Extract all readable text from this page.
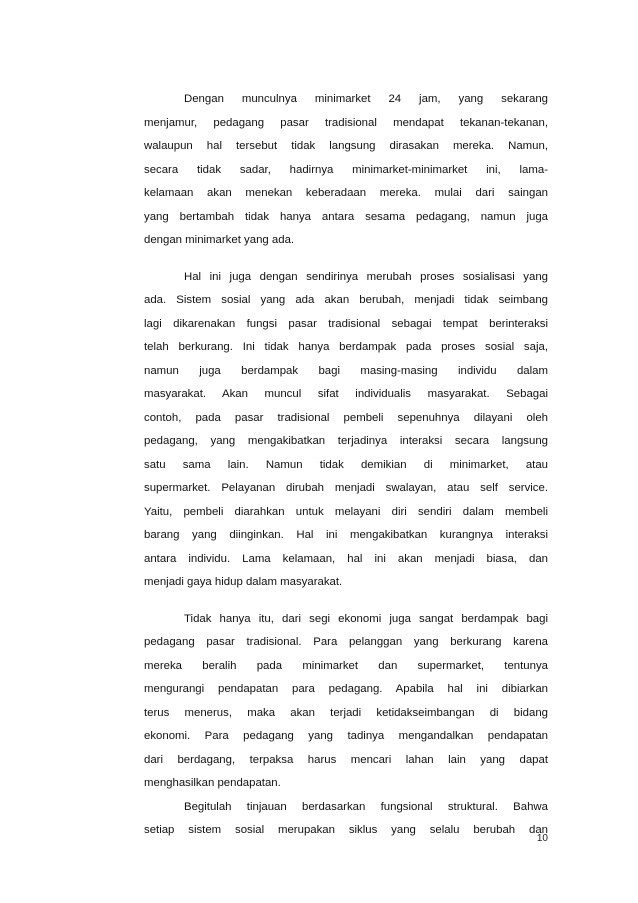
Dengan munculnya minimarket 24 jam, yang sekarang
menjamur, pedagang pasar tradisional mendapat tekanan-tekanan,
walaupun hal tersebut tidak langsung dirasakan mereka. Namun,
secara tidak sadar, hadirnya minimarket-minimarket ini, lama-
kelamaan akan menekan keberadaan mereka. mulai dari saingan
yang bertambah tidak hanya antara sesama pedagang, namun juga
dengan minimarket yang ada.
Hal ini juga dengan sendirinya merubah proses sosialisasi yang
ada. Sistem sosial yang ada akan berubah, menjadi tidak seimbang
lagi dikarenakan fungsi pasar tradisional sebagai tempat berinteraksi
telah berkurang. Ini tidak hanya berdampak pada proses sosial saja,
namun juga berdampak bagi masing-masing individu dalam
masyarakat. Akan muncul sifat individualis masyarakat. Sebagai
contoh, pada pasar tradisional pembeli sepenuhnya dilayani oleh
pedagang, yang mengakibatkan terjadinya interaksi secara langsung
satu sama lain. Namun tidak demikian di minimarket, atau
supermarket. Pelayanan dirubah menjadi swalayan, atau self service.
Yaitu, pembeli diarahkan untuk melayani diri sendiri dalam membeli
barang yang diinginkan. Hal ini mengakibatkan kurangnya interaksi
antara individu. Lama kelamaan, hal ini akan menjadi biasa, dan
menjadi gaya hidup dalam masyarakat.
Tidak hanya itu, dari segi ekonomi juga sangat berdampak bagi
pedagang pasar tradisional. Para pelanggan yang berkurang karena
mereka beralih pada minimarket dan supermarket, tentunya
mengurangi pendapatan para pedagang. Apabila hal ini dibiarkan
terus menerus, maka akan terjadi ketidakseimbangan di bidang
ekonomi. Para pedagang yang tadinya mengandalkan pendapatan
dari berdagang, terpaksa harus mencari lahan lain yang dapat
menghasilkan pendapatan.
Begitulah tinjauan berdasarkan fungsional struktural. Bahwa
setiap sistem sosial merupakan siklus yang selalu berubah dan
10
